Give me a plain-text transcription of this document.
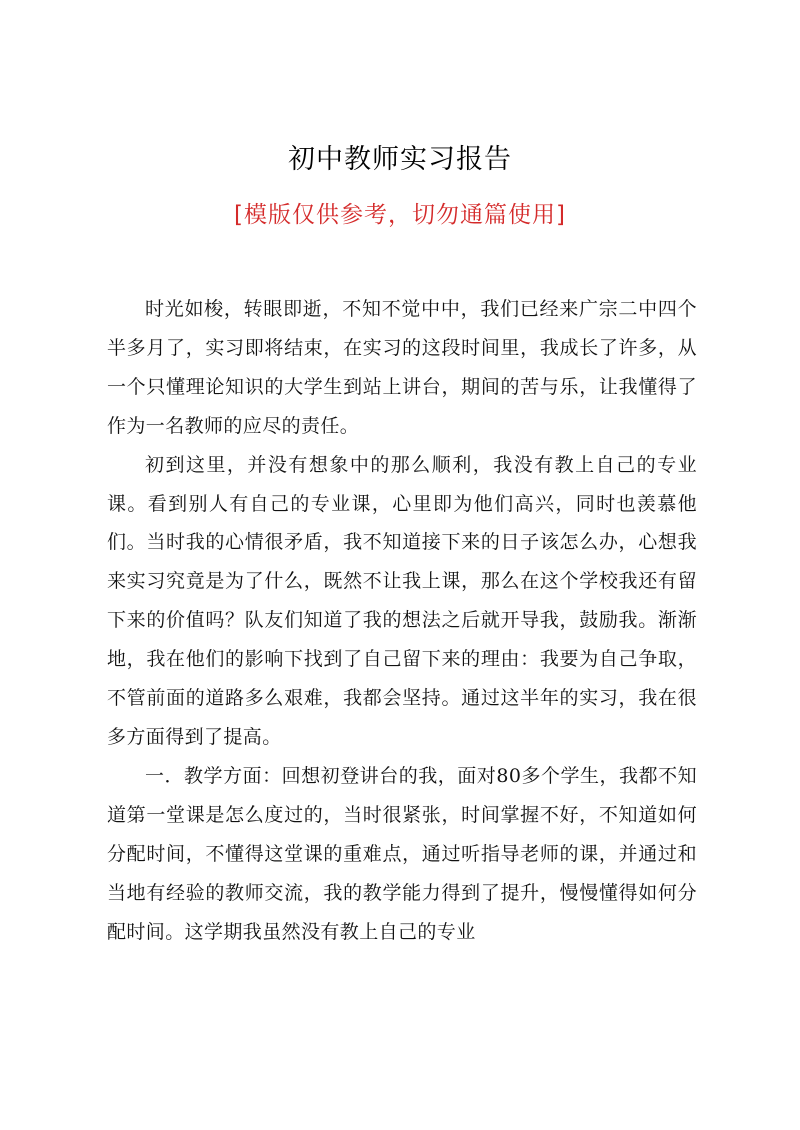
初中教师实习报告
[模版仅供参考，切勿通篇使用]

时光如梭，转眼即逝，不知不觉中中，我们已经来广宗二中四个半多月了，实习即将结束，在实习的这段时间里，我成长了许多，从一个只懂理论知识的大学生到站上讲台，期间的苦与乐，让我懂得了作为一名教师的应尽的责任。

初到这里，并没有想象中的那么顺利，我没有教上自己的专业课。看到别人有自己的专业课，心里即为他们高兴，同时也羡慕他们。当时我的心情很矛盾，我不知道接下来的日子该怎么办，心想我来实习究竟是为了什么，既然不让我上课，那么在这个学校我还有留下来的价值吗？队友们知道了我的想法之后就开导我，鼓励我。渐渐地，我在他们的影响下找到了自己留下来的理由：我要为自己争取，不管前面的道路多么艰难，我都会坚持。通过这半年的实习，我在很多方面得到了提高。

一．教学方面：回想初登讲台的我，面对80多个学生，我都不知道第一堂课是怎么度过的，当时很紧张，时间掌握不好，不知道如何分配时间，不懂得这堂课的重难点，通过听指导老师的课，并通过和当地有经验的教师交流，我的教学能力得到了提升，慢慢懂得如何分配时间。这学期我虽然没有教上自己的专业
